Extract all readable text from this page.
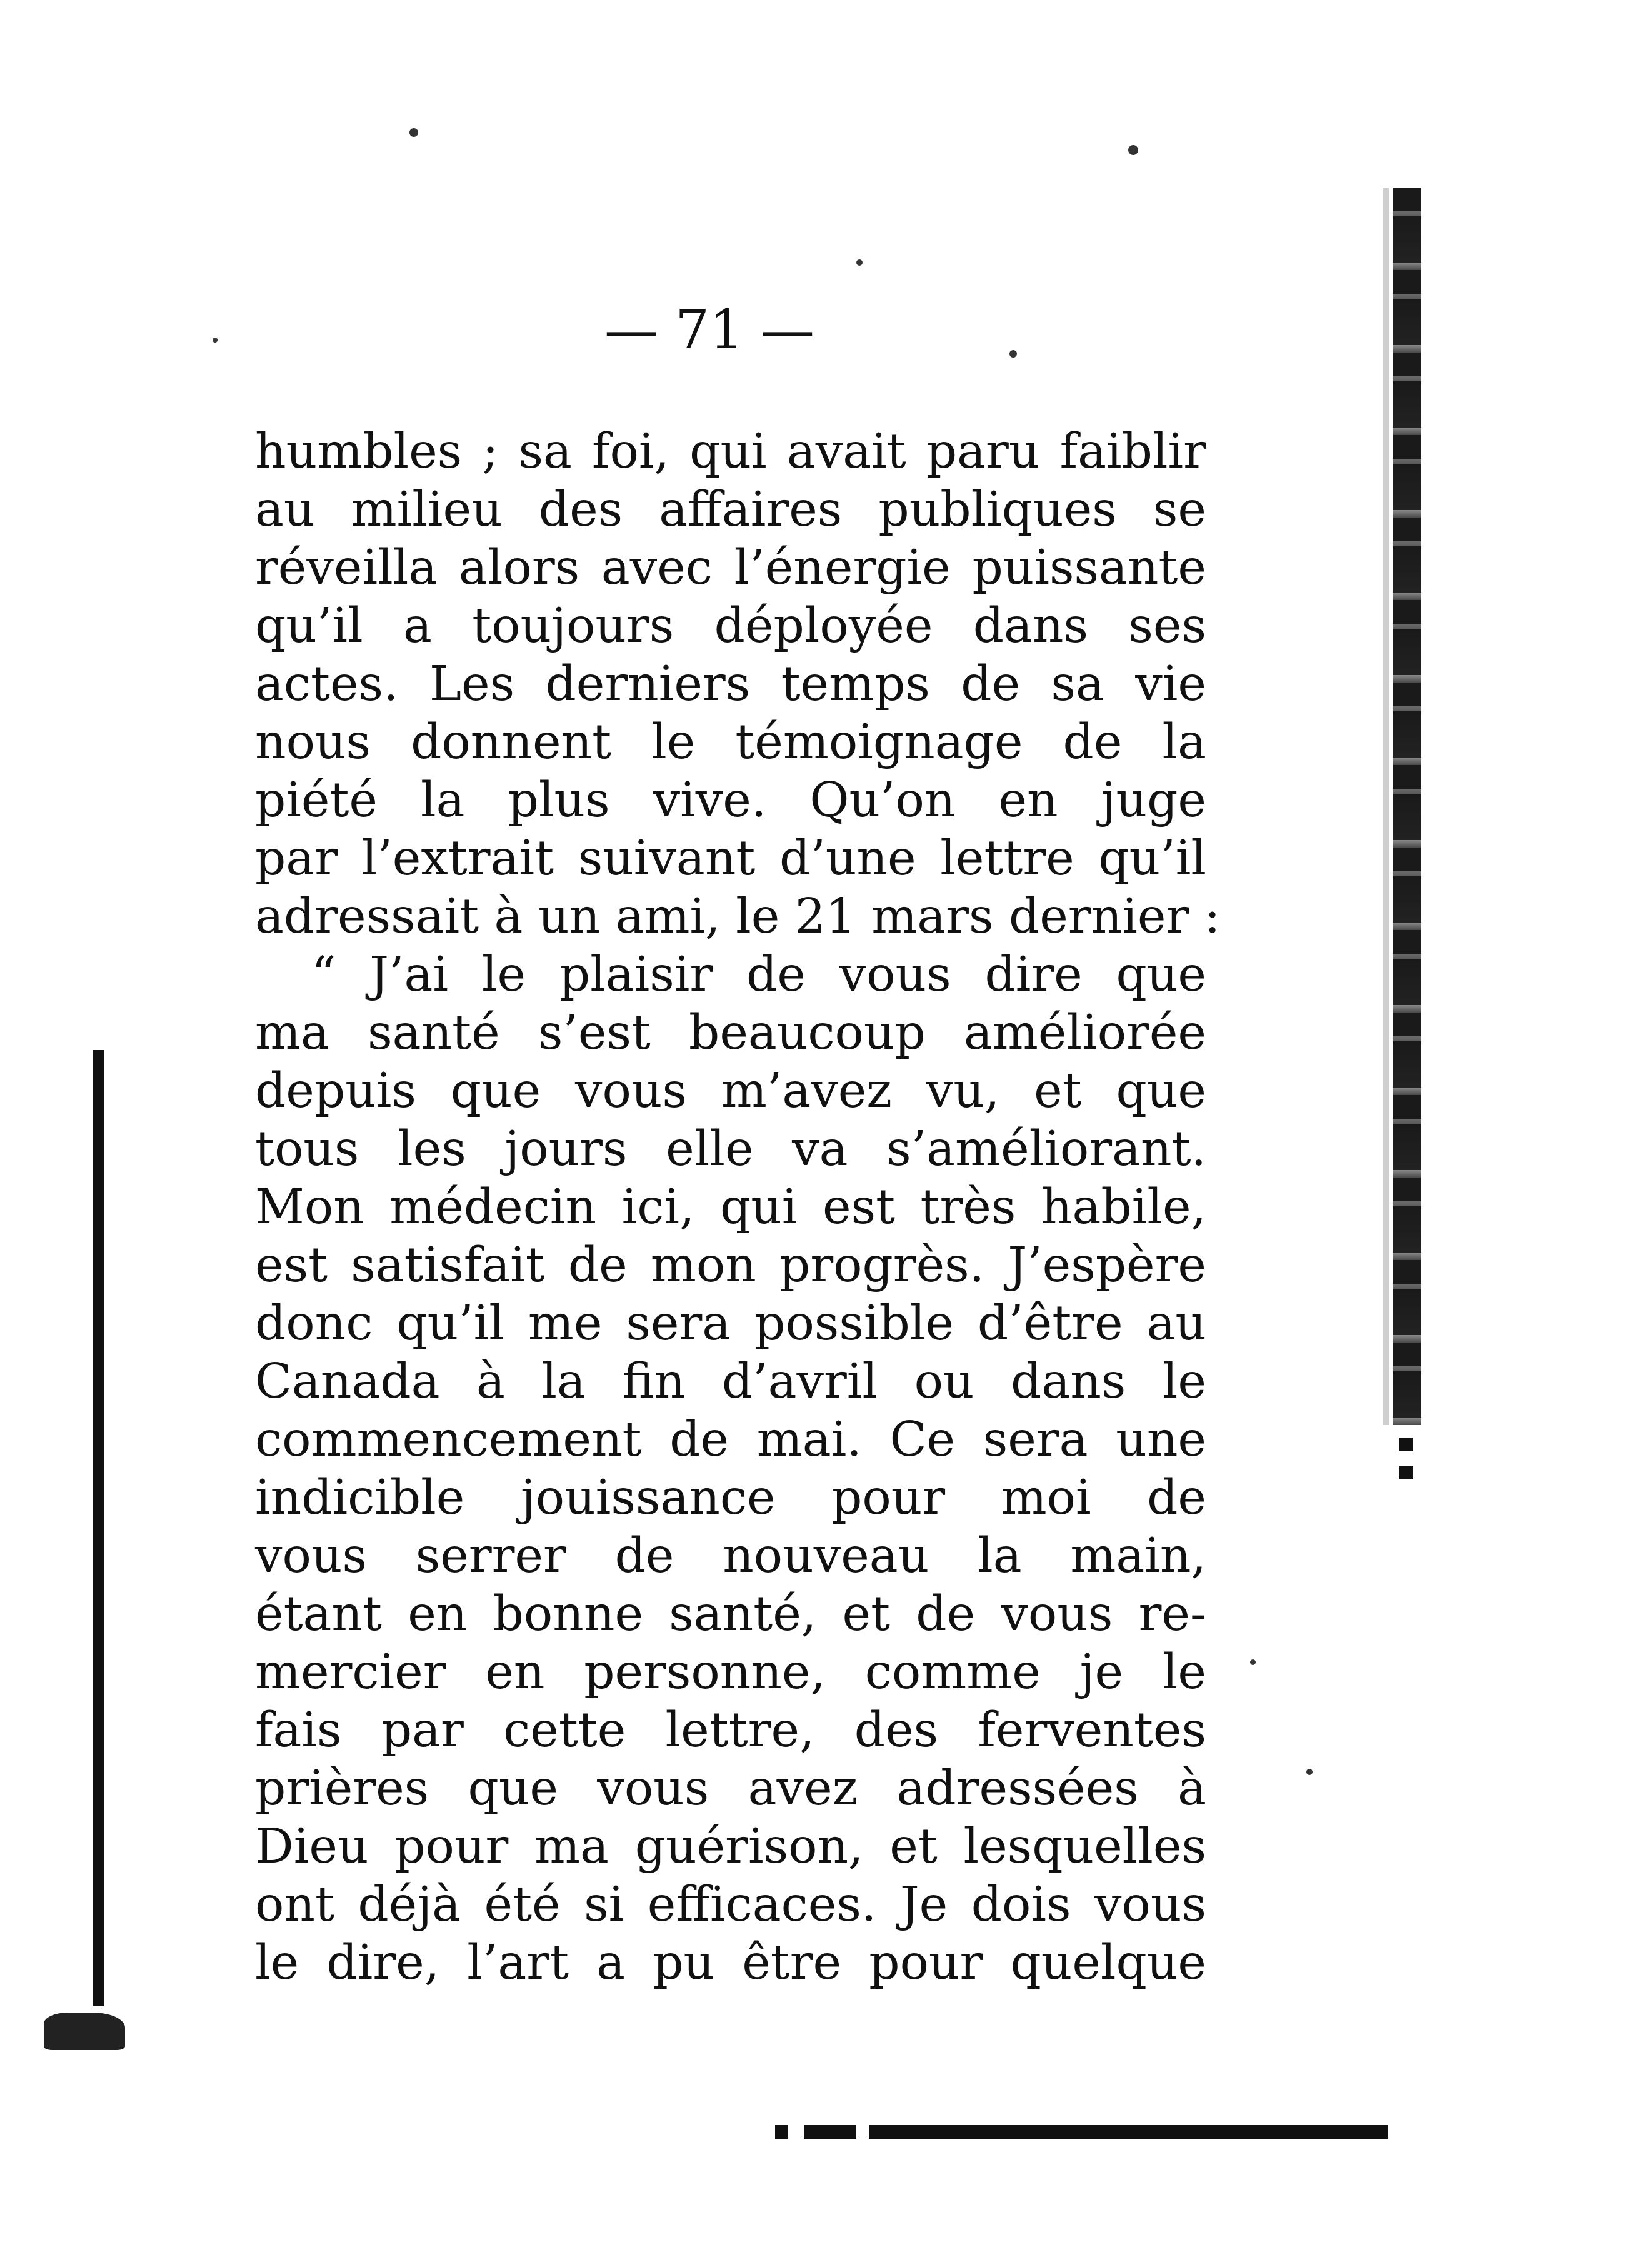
— 71 —
humbles ; sa foi, qui avait paru faiblir
au milieu des affaires publiques se
réveilla alors avec l’énergie puissante
qu’il a toujours déployée dans ses
actes. Les derniers temps de sa vie
nous donnent le témoignage de la
piété la plus vive. Qu’on en juge
par l’extrait suivant d’une lettre qu’il
adressait à un ami, le 21 mars dernier :
“ J’ai le plaisir de vous dire que
ma santé s’est beaucoup améliorée
depuis que vous m’avez vu, et que
tous les jours elle va s’améliorant.
Mon médecin ici, qui est très habile,
est satisfait de mon progrès. J’espère
donc qu’il me sera possible d’être au
Canada à la fin d’avril ou dans le
commencement de mai. Ce sera une
indicible jouissance pour moi de
vous serrer de nouveau la main,
étant en bonne santé, et de vous re-
mercier en personne, comme je le
fais par cette lettre, des ferventes
prières que vous avez adressées à
Dieu pour ma guérison, et lesquelles
ont déjà été si efficaces. Je dois vous
le dire, l’art a pu être pour quelque
